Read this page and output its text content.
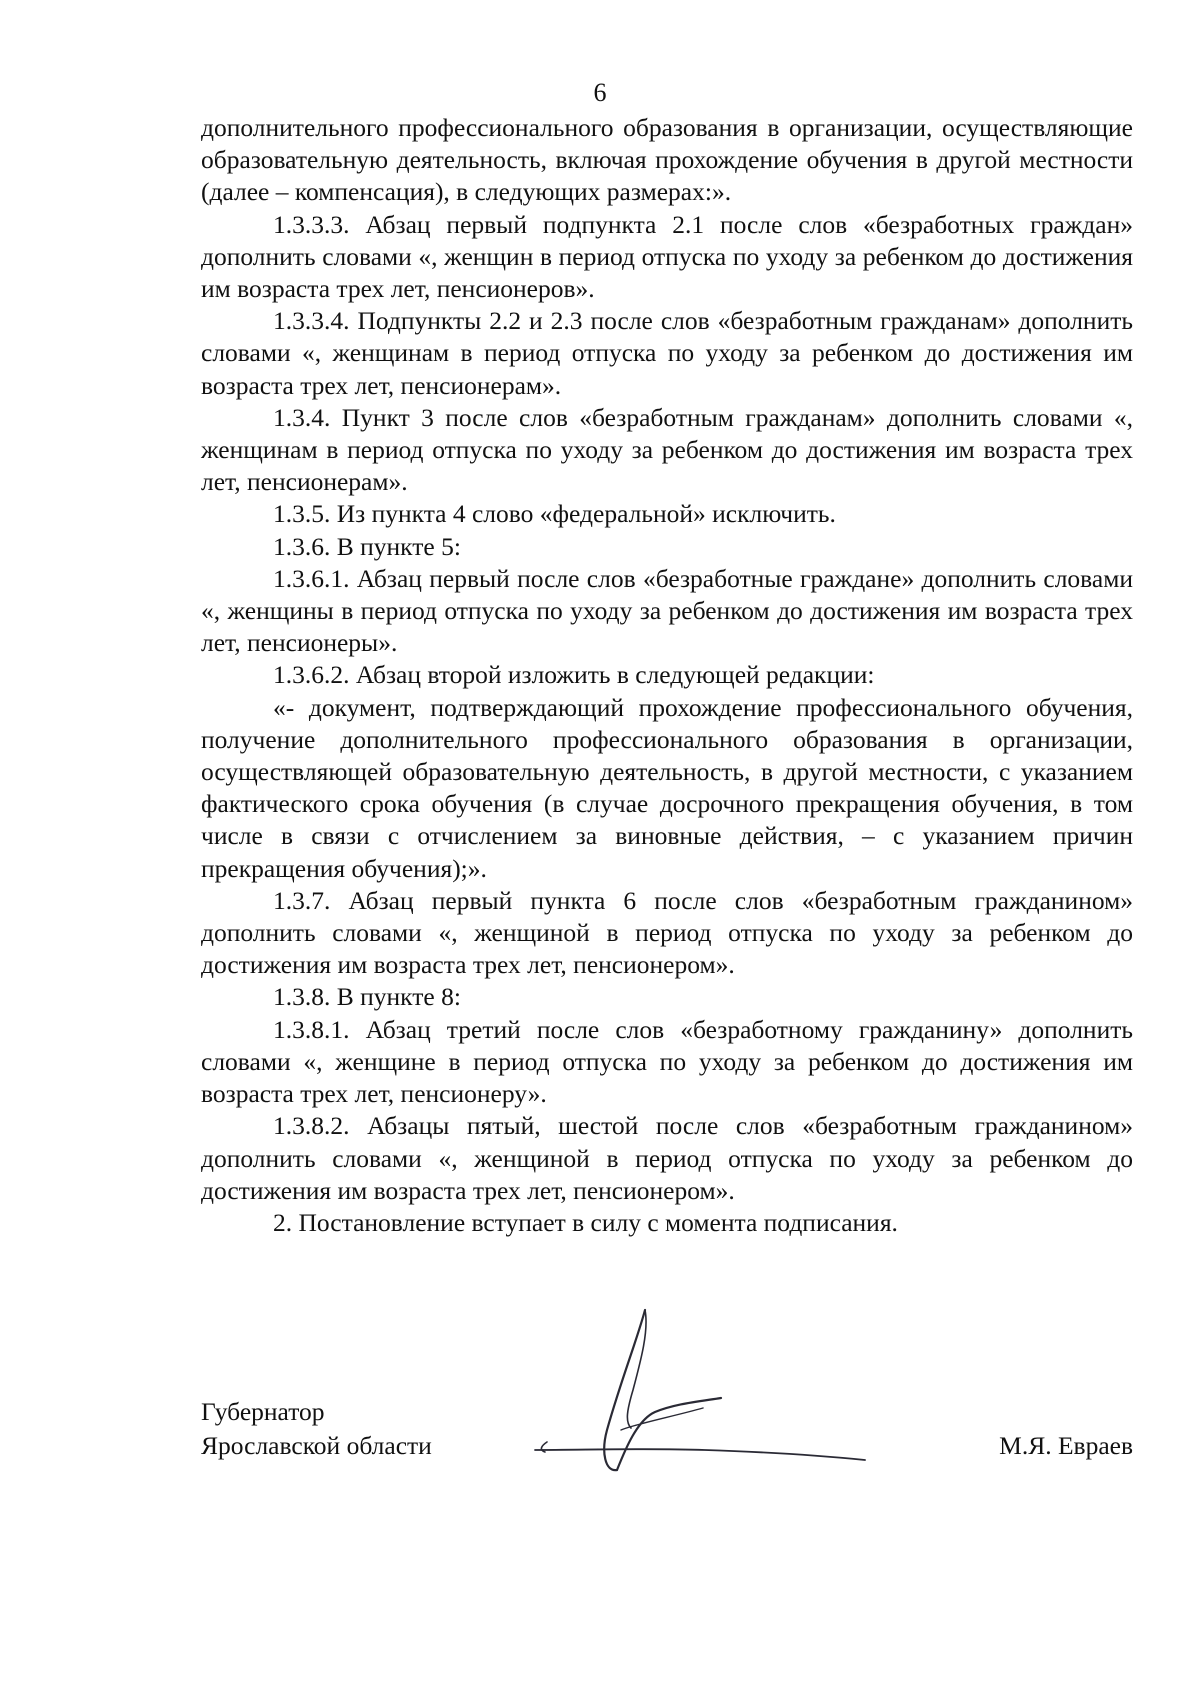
6

дополнительного профессионального образования в организации, осуществляющие образовательную деятельность, включая прохождение обучения в другой местности (далее – компенсация), в следующих размерах:».

1.3.3.3. Абзац первый подпункта 2.1 после слов «безработных граждан» дополнить словами «, женщин в период отпуска по уходу за ребенком до достижения им возраста трех лет, пенсионеров».

1.3.3.4. Подпункты 2.2 и 2.3 после слов «безработным гражданам» дополнить словами «, женщинам в период отпуска по уходу за ребенком до достижения им возраста трех лет, пенсионерам».

1.3.4. Пункт 3 после слов «безработным гражданам» дополнить словами «, женщинам в период отпуска по уходу за ребенком до достижения им возраста трех лет, пенсионерам».

1.3.5. Из пункта 4 слово «федеральной» исключить.

1.3.6. В пункте 5:

1.3.6.1. Абзац первый после слов «безработные граждане» дополнить словами «, женщины в период отпуска по уходу за ребенком до достижения им возраста трех лет, пенсионеры».

1.3.6.2. Абзац второй изложить в следующей редакции:

«- документ, подтверждающий прохождение профессионального обучения, получение дополнительного профессионального образования в организации, осуществляющей образовательную деятельность, в другой местности, с указанием фактического срока обучения (в случае досрочного прекращения обучения, в том числе в связи с отчислением за виновные действия, – с указанием причин прекращения обучения);».

1.3.7. Абзац первый пункта 6 после слов «безработным гражданином» дополнить словами «, женщиной в период отпуска по уходу за ребенком до достижения им возраста трех лет, пенсионером».

1.3.8. В пункте 8:

1.3.8.1. Абзац третий после слов «безработному гражданину» дополнить словами «, женщине в период отпуска по уходу за ребенком до достижения им возраста трех лет, пенсионеру».

1.3.8.2. Абзацы пятый, шестой после слов «безработным гражданином» дополнить словами «, женщиной в период отпуска по уходу за ребенком до достижения им возраста трех лет, пенсионером».

2. Постановление вступает в силу с момента подписания.

Губернатор
Ярославской области	М.Я. Евраев
